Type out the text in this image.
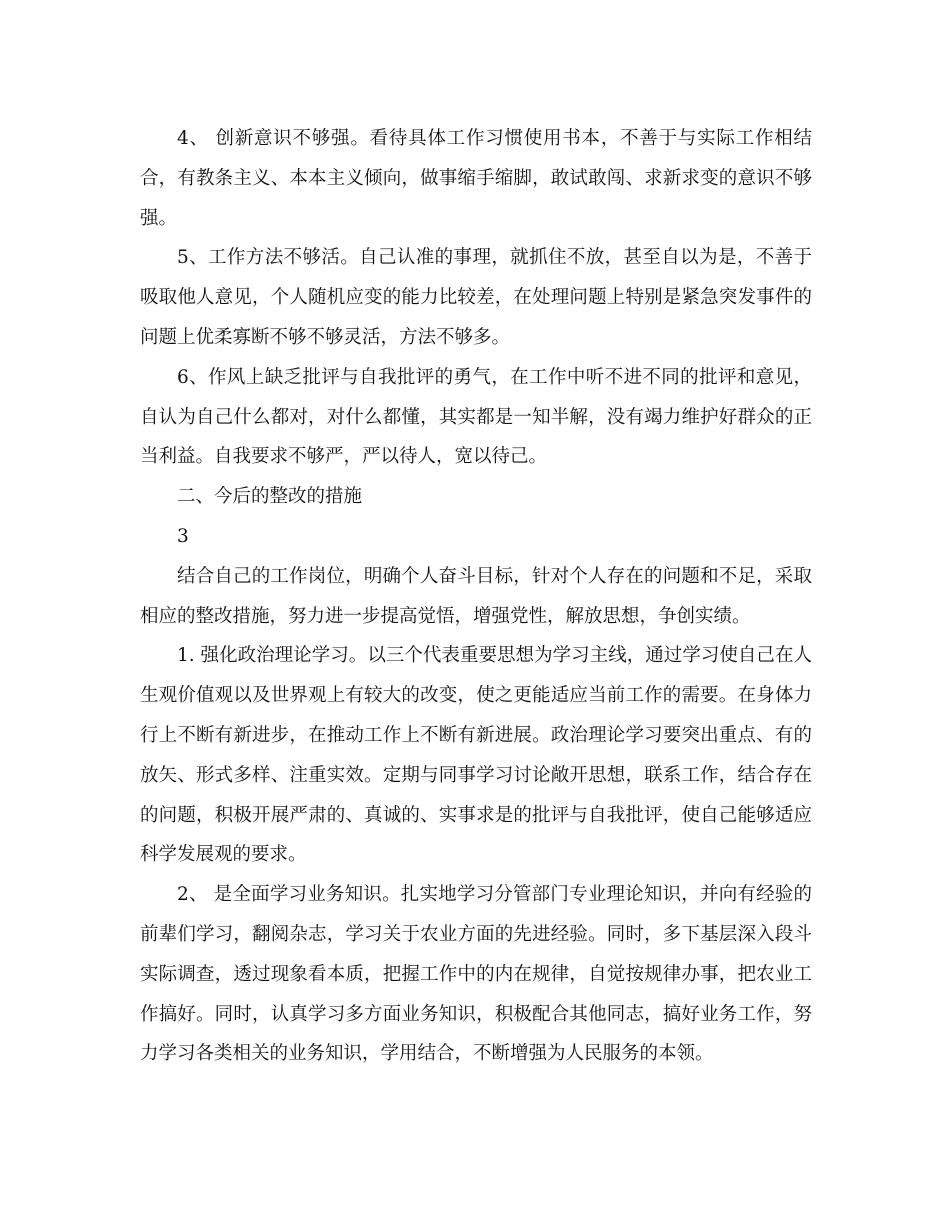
4、 创新意识不够强。看待具体工作习惯使用书本，不善于与实际工作相结合，有教条主义、本本主义倾向，做事缩手缩脚，敢试敢闯、求新求变的意识不够强。

5、工作方法不够活。自己认准的事理，就抓住不放，甚至自以为是，不善于吸取他人意见，个人随机应变的能力比较差，在处理问题上特别是紧急突发事件的问题上优柔寡断不够不够灵活，方法不够多。

6、作风上缺乏批评与自我批评的勇气，在工作中听不进不同的批评和意见，自认为自己什么都对，对什么都懂，其实都是一知半解，没有竭力维护好群众的正当利益。自我要求不够严，严以待人，宽以待己。

二、今后的整改的措施

3

结合自己的工作岗位，明确个人奋斗目标，针对个人存在的问题和不足，采取相应的整改措施，努力进一步提高觉悟，增强党性，解放思想，争创实绩。

1. 强化政治理论学习。以三个代表重要思想为学习主线，通过学习使自己在人生观价值观以及世界观上有较大的改变，使之更能适应当前工作的需要。在身体力行上不断有新进步，在推动工作上不断有新进展。政治理论学习要突出重点、有的放矢、形式多样、注重实效。定期与同事学习讨论敞开思想，联系工作，结合存在的问题，积极开展严肃的、真诚的、实事求是的批评与自我批评，使自己能够适应科学发展观的要求。

2、 是全面学习业务知识。扎实地学习分管部门专业理论知识，并向有经验的前辈们学习，翻阅杂志，学习关于农业方面的先进经验。同时，多下基层深入段斗实际调查，透过现象看本质，把握工作中的内在规律，自觉按规律办事，把农业工作搞好。同时，认真学习多方面业务知识，积极配合其他同志，搞好业务工作，努力学习各类相关的业务知识，学用结合，不断增强为人民服务的本领。
